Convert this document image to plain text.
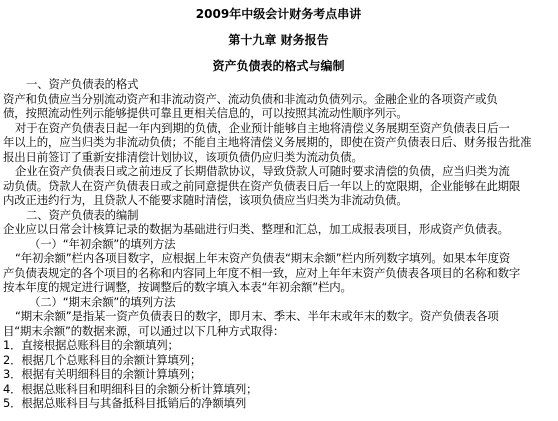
2009年中级会计财务考点串讲
第十九章 财务报告
资产负债表的格式与编制
一、资产负债表的格式
资产和负债应当分别流动资产和非流动资产、流动负债和非流动负债列示。金融企业的各项资产或负
债，按照流动性列示能够提供可靠且更相关信息的，可以按照其流动性顺序列示。
对于在资产负债表日起一年内到期的负债，企业预计能够自主地将清偿义务展期至资产负债表日后一
年以上的，应当归类为非流动负债；不能自主地将清偿义务展期的，即使在资产负债表日后、财务报告批准
报出日前签订了重新安排清偿计划协议，该项负债仍应归类为流动负债。
企业在资产负债表日或之前违反了长期借款协议，导致贷款人可随时要求清偿的负债，应当归类为流
动负债。贷款人在资产负债表日或之前同意提供在资产负债表日后一年以上的宽限期，企业能够在此期限
内改正违约行为，且贷款人不能要求随时清偿，该项负债应当归类为非流动负债。
二、资产负债表的编制
企业应以日常会计核算记录的数据为基础进行归类、整理和汇总，加工成报表项目，形成资产负债表。
（一）“年初余额”的填列方法
“年初余额”栏内各项目数字，应根据上年末资产负债表“期末余额”栏内所列数字填列。如果本年度资
产负债表规定的各个项目的名称和内容同上年度不相一致，应对上年年末资产负债表各项目的名称和数字
按本年度的规定进行调整，按调整后的数字填入本表“年初余额”栏内。
（二）“期末余额”的填列方法
“期末余额”是指某一资产负债表日的数字，即月末、季末、半年末或年末的数字。资产负债表各项
目“期末余额”的数据来源，可以通过以下几种方式取得：
1．直接根据总账科目的余额填列；
2．根据几个总账科目的余额计算填列；
3．根据有关明细科目的余额计算填列；
4．根据总账科目和明细科目的余额分析计算填列；
5．根据总账科目与其备抵科目抵销后的净额填列
